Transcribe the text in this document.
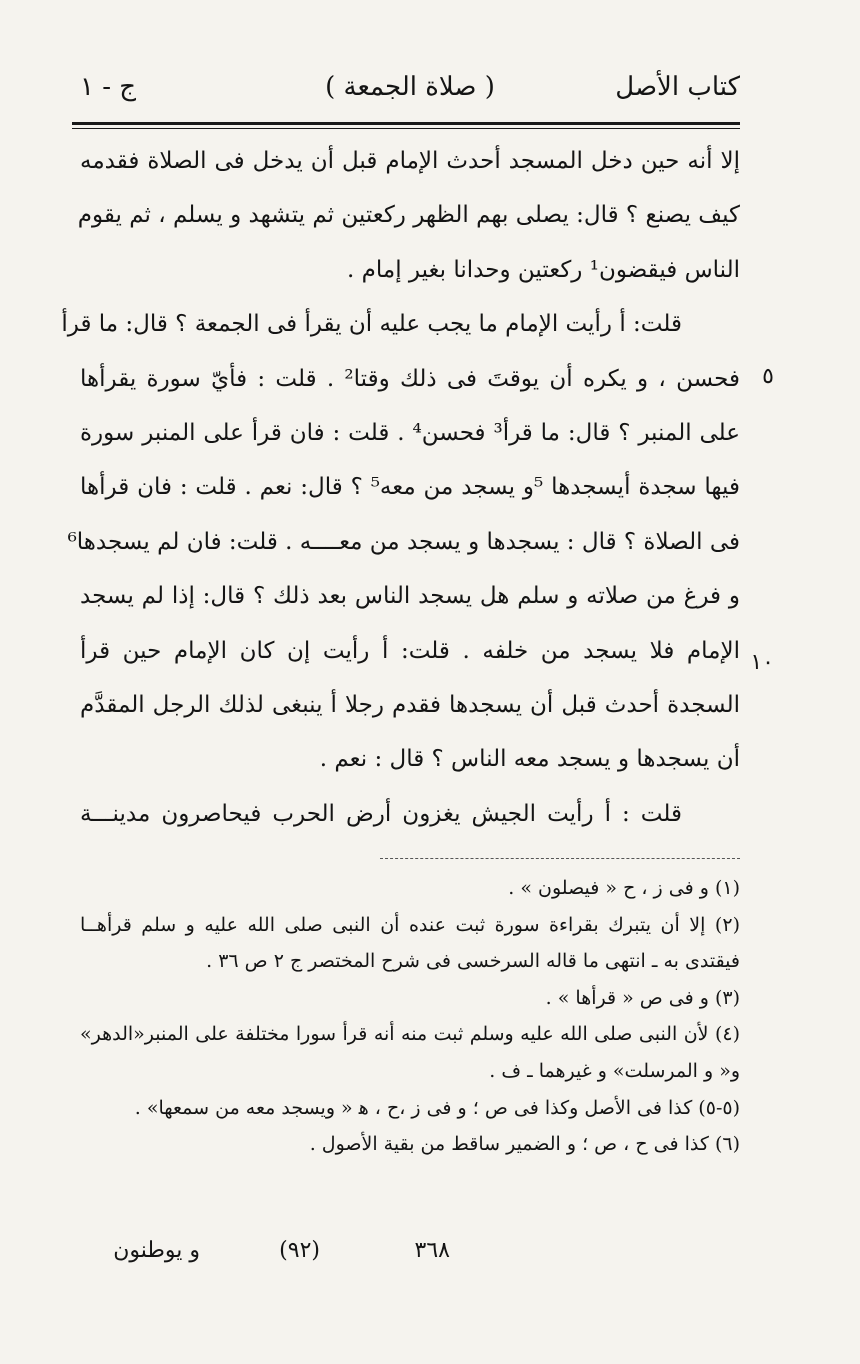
كتاب الأصل
( صلاة الجمعة )
ج - ١
إلا أنه حين دخل المسجد أحدث الإمام قبل أن يدخل فى الصلاة فقدمه
كيف يصنع ؟ قال: يصلى بهم الظهر ركعتين ثم يتشهد و يسلم ، ثم يقوم
الناس فيقضون¹ ركعتين وحدانا بغير إمام .
قلت: أ رأيت الإمام ما يجب عليه أن يقرأ فى الجمعة ؟ قال: ما قرأ
فحسن ، و يكره أن يوقتَ فى ذلك وقتا² . قلت : فأيّ سورة يقرأها
على المنبر ؟ قال: ما قرأ³ فحسن⁴ . قلت : فان قرأ على المنبر سورة
فيها سجدة أيسجدها ⁵و يسجد من معه⁵ ؟ قال: نعم . قلت : فان قرأها
فى الصلاة ؟ قال : يسجدها و يسجد من معــــه . قلت: فان لم يسجدها⁶
و فرغ من صلاته و سلم هل يسجد الناس بعد ذلك ؟ قال: إذا لم يسجد
الإمام فلا يسجد من خلفه . قلت: أ رأيت إن كان الإمام حين قرأ
السجدة أحدث قبل أن يسجدها فقدم رجلا أ ينبغى لذلك الرجل المقدَّم
أن يسجدها و يسجد معه الناس ؟ قال : نعم .
قلت : أ رأيت الجيش يغزون أرض الحرب فيحاصرون مدينـــة
٥
١٠
(١) و فى ز ، ح « فيصلون » .
(٢) إلا أن يتبرك بقراءة سورة ثبت عنده أن النبى صلى الله عليه و سلم قرأهــا
فيقتدى به ـ انتهى ما قاله السرخسى فى شرح المختصر ج ٢ ص ٣٦ .
(٣) و فى ص « قرأها » .
(٤) لأن النبى صلى الله عليه وسلم ثبت منه أنه قرأ سورا مختلفة على المنبر«الدهر»
و« و المرسلت» و غيرهما ـ ف .
(٥-٥) كذا فى الأصل وكذا فى ص ؛ و فى ز ،ح ، ﻫ « ويسجد معه من سمعها» .
(٦) كذا فى ح ، ص ؛ و الضمير ساقط من بقية الأصول .
٣٦٨
(٩٢)
و يوطنون
